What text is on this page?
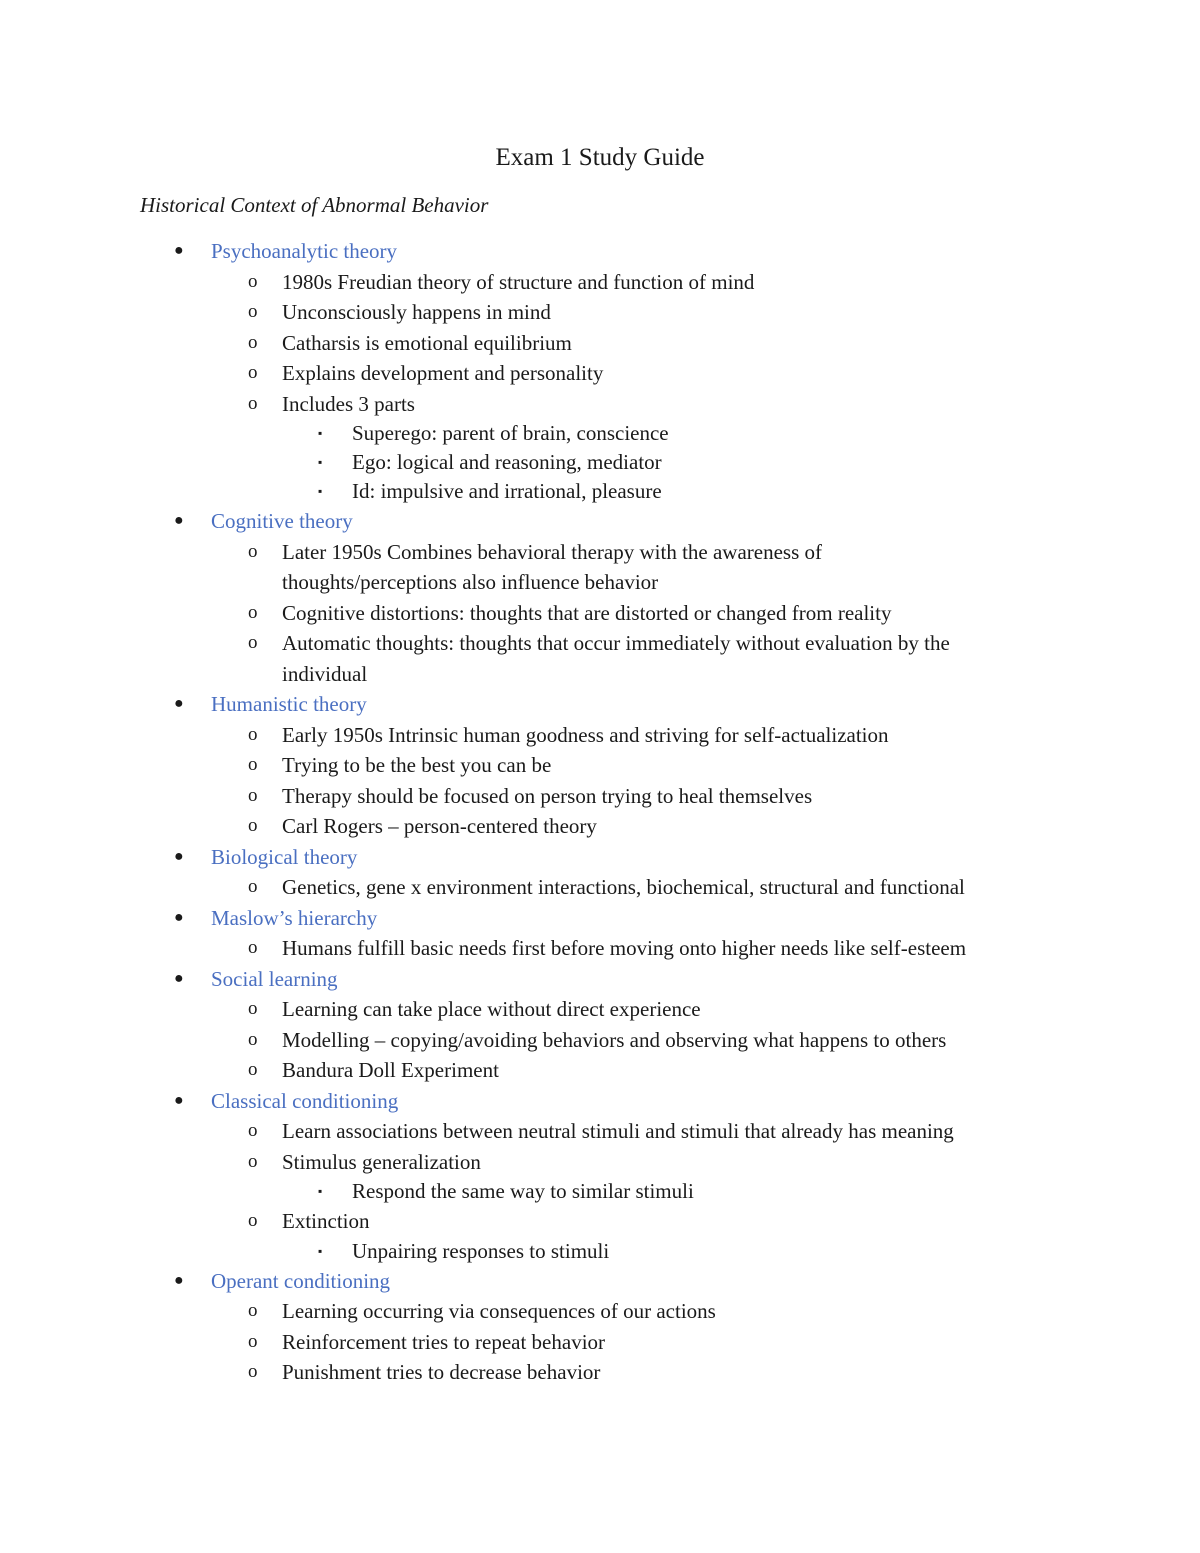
Exam 1 Study Guide

Historical Context of Abnormal Behavior

● Psychoanalytic theory
o 1980s Freudian theory of structure and function of mind
o Unconsciously happens in mind
o Catharsis is emotional equilibrium
o Explains development and personality
o Includes 3 parts
▪ Superego: parent of brain, conscience
▪ Ego: logical and reasoning, mediator
▪ Id: impulsive and irrational, pleasure
● Cognitive theory
o Later 1950s Combines behavioral therapy with the awareness of
thoughts/perceptions also influence behavior
o Cognitive distortions: thoughts that are distorted or changed from reality
o Automatic thoughts: thoughts that occur immediately without evaluation by the
individual
● Humanistic theory
o Early 1950s Intrinsic human goodness and striving for self-actualization
o Trying to be the best you can be
o Therapy should be focused on person trying to heal themselves
o Carl Rogers – person-centered theory
● Biological theory
o Genetics, gene x environment interactions, biochemical, structural and functional
● Maslow’s hierarchy
o Humans fulfill basic needs first before moving onto higher needs like self-esteem
● Social learning
o Learning can take place without direct experience
o Modelling – copying/avoiding behaviors and observing what happens to others
o Bandura Doll Experiment
● Classical conditioning
o Learn associations between neutral stimuli and stimuli that already has meaning
o Stimulus generalization
▪ Respond the same way to similar stimuli
o Extinction
▪ Unpairing responses to stimuli
● Operant conditioning
o Learning occurring via consequences of our actions
o Reinforcement tries to repeat behavior
o Punishment tries to decrease behavior
